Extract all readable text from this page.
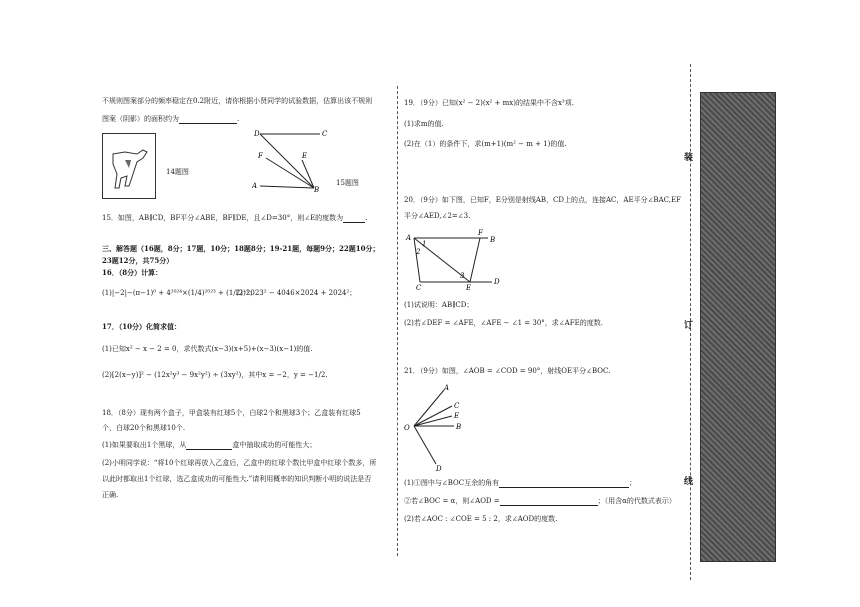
不规则图案部分的频率稳定在0.2附近，请你根据小贤同学的试验数据，估算出该不规则
图案（阴影）的面积约为	.
14题图
D	C
F	E
A	B
15题图
15．如图，AB∥CD，BF平分∠ABE，BF∥DE，且∠D=30°，则∠E的度数为	.
三、解答题（16题，8分；17题，10分；18题8分；19-21题，每题9分；22题10分；
23题12分，共75分）
16．（8分）计算：
(1)|−2|−(π−1)⁰ + 4²⁰²⁴×(1/4)²⁰²³ + (1/2)⁻¹；
(2)2023² − 4046×2024 + 2024²；
17．（10分）化简求值：
(1)已知x² − x − 2 = 0，求代数式(x−3)(x+5)+(x−3)(x−1)的值.
(2)[2(x−y)]² − (12x²y³ − 9x²y²) ÷ (3xy²)，其中x = −2，y = −1/2.
18．（8分）现有两个盒子，甲盒装有红球5个，白球2个和黑球3个；乙盒装有红球5
个，白球20个和黑球10个.
(1)如果要取出1个黑球，从	盒中抽取成功的可能性大；
(2)小明同学说：“将10个红球再放入乙盒后，乙盒中的红球个数比甲盒中红球个数多，所
以此时都取出1个红球，选乙盒成功的可能性大.”请利用概率的知识判断小明的说法是否
正确.
19．（9分）已知(x² − 2)(x² + mx)的结果中不含x³项.
(1)求m的值.
(2)在（1）的条件下，求(m+1)(m² − m + 1)的值.
20．（9分）如下图，已知F，E分别是射线AB，CD上的点，连接AC，AE平分∠BAC,EF
平分∠AED,∠2=∠3.
A
F
B
C	E
D
1
2
3
(1)试说明：AB∥CD；
(2)若∠DEF = ∠AFE，∠AFE − ∠1 = 30°，求∠AFE的度数.
21．（9分）如图，∠AOB = ∠COD = 90°，射线OE平分∠BOC.
A
C
E
B
O
D
(1)①图中与∠BOC互余的角有	；
②若∠BOC = α，则∠AOD =	；（用含α的代数式表示）
(2)若∠AOC : ∠COE = 5 : 2，求∠AOD的度数.
装
订
线
